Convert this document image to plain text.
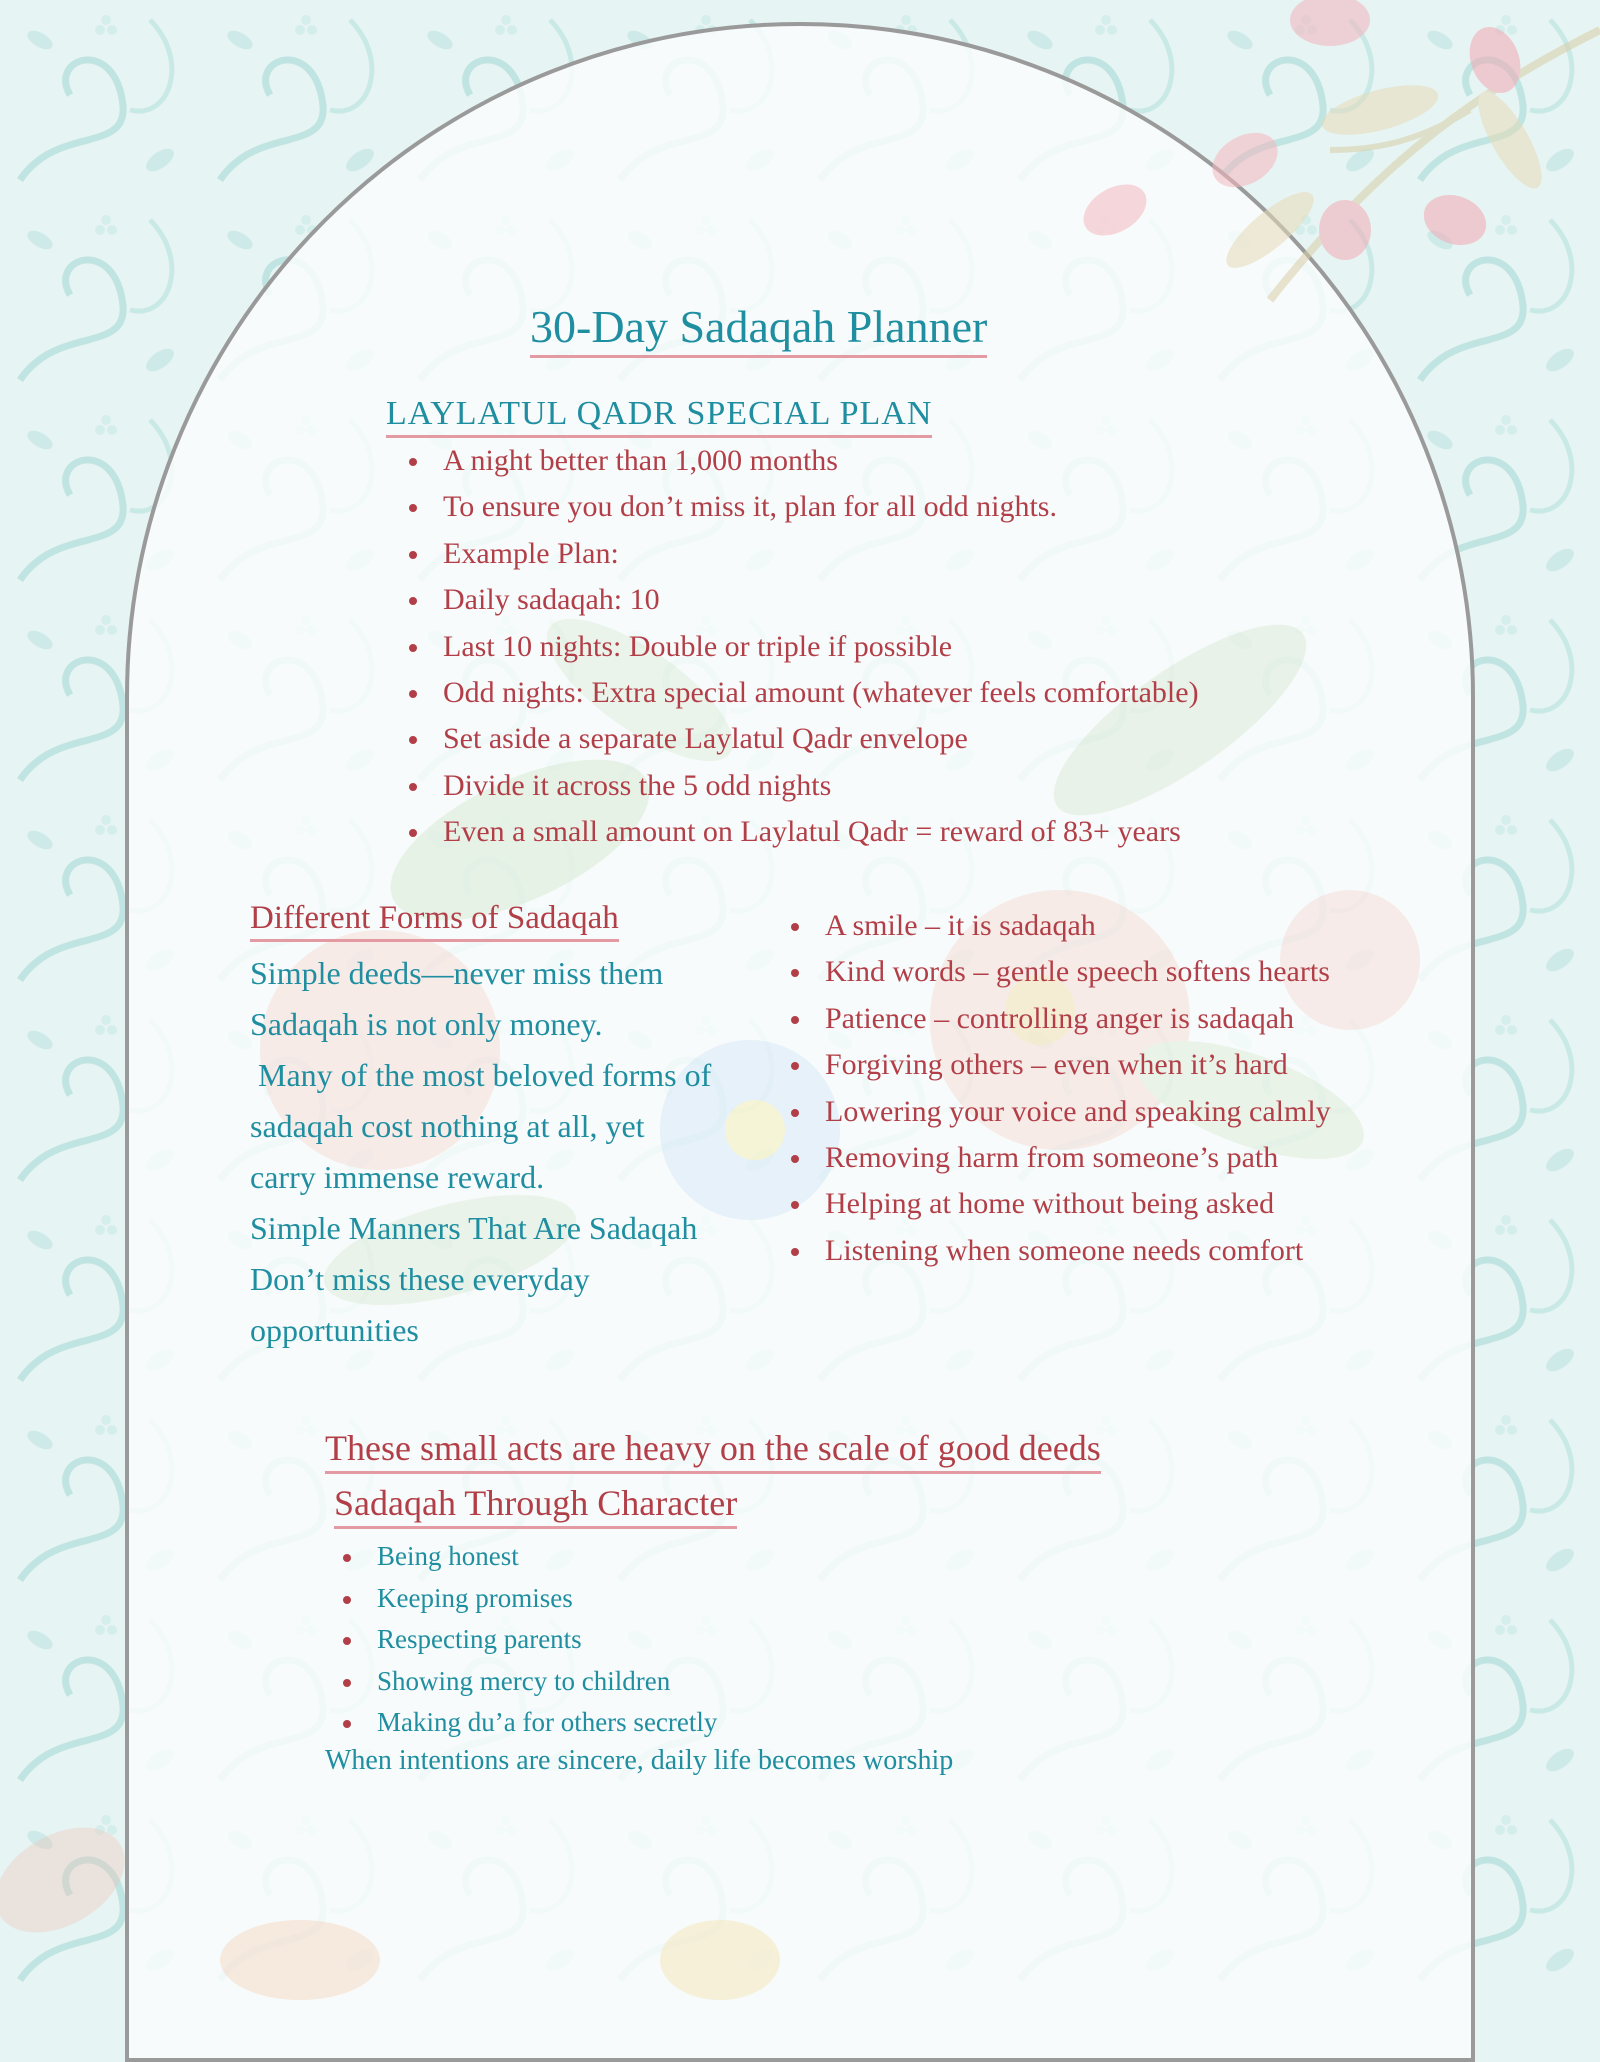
30-Day Sadaqah Planner
LAYLATUL QADR SPECIAL PLAN
A night better than 1,000 months
To ensure you don’t miss it, plan for all odd nights.
Example Plan:
Daily sadaqah: 10
Last 10 nights: Double or triple if possible
Odd nights: Extra special amount (whatever feels comfortable)
Set aside a separate Laylatul Qadr envelope
Divide it across the 5 odd nights
Even a small amount on Laylatul Qadr = reward of 83+ years
Different Forms of Sadaqah
Simple deeds—never miss them
Sadaqah is not only money.
Many of the most beloved forms of
sadaqah cost nothing at all, yet
carry immense reward.
Simple Manners That Are Sadaqah
Don’t miss these everyday
opportunities
A smile – it is sadaqah
Kind words – gentle speech softens hearts
Patience – controlling anger is sadaqah
Forgiving others – even when it’s hard
Lowering your voice and speaking calmly
Removing harm from someone’s path
Helping at home without being asked
Listening when someone needs comfort
These small acts are heavy on the scale of good deeds
Sadaqah Through Character
Being honest
Keeping promises
Respecting parents
Showing mercy to children
Making du’a for others secretly
When intentions are sincere, daily life becomes worship
